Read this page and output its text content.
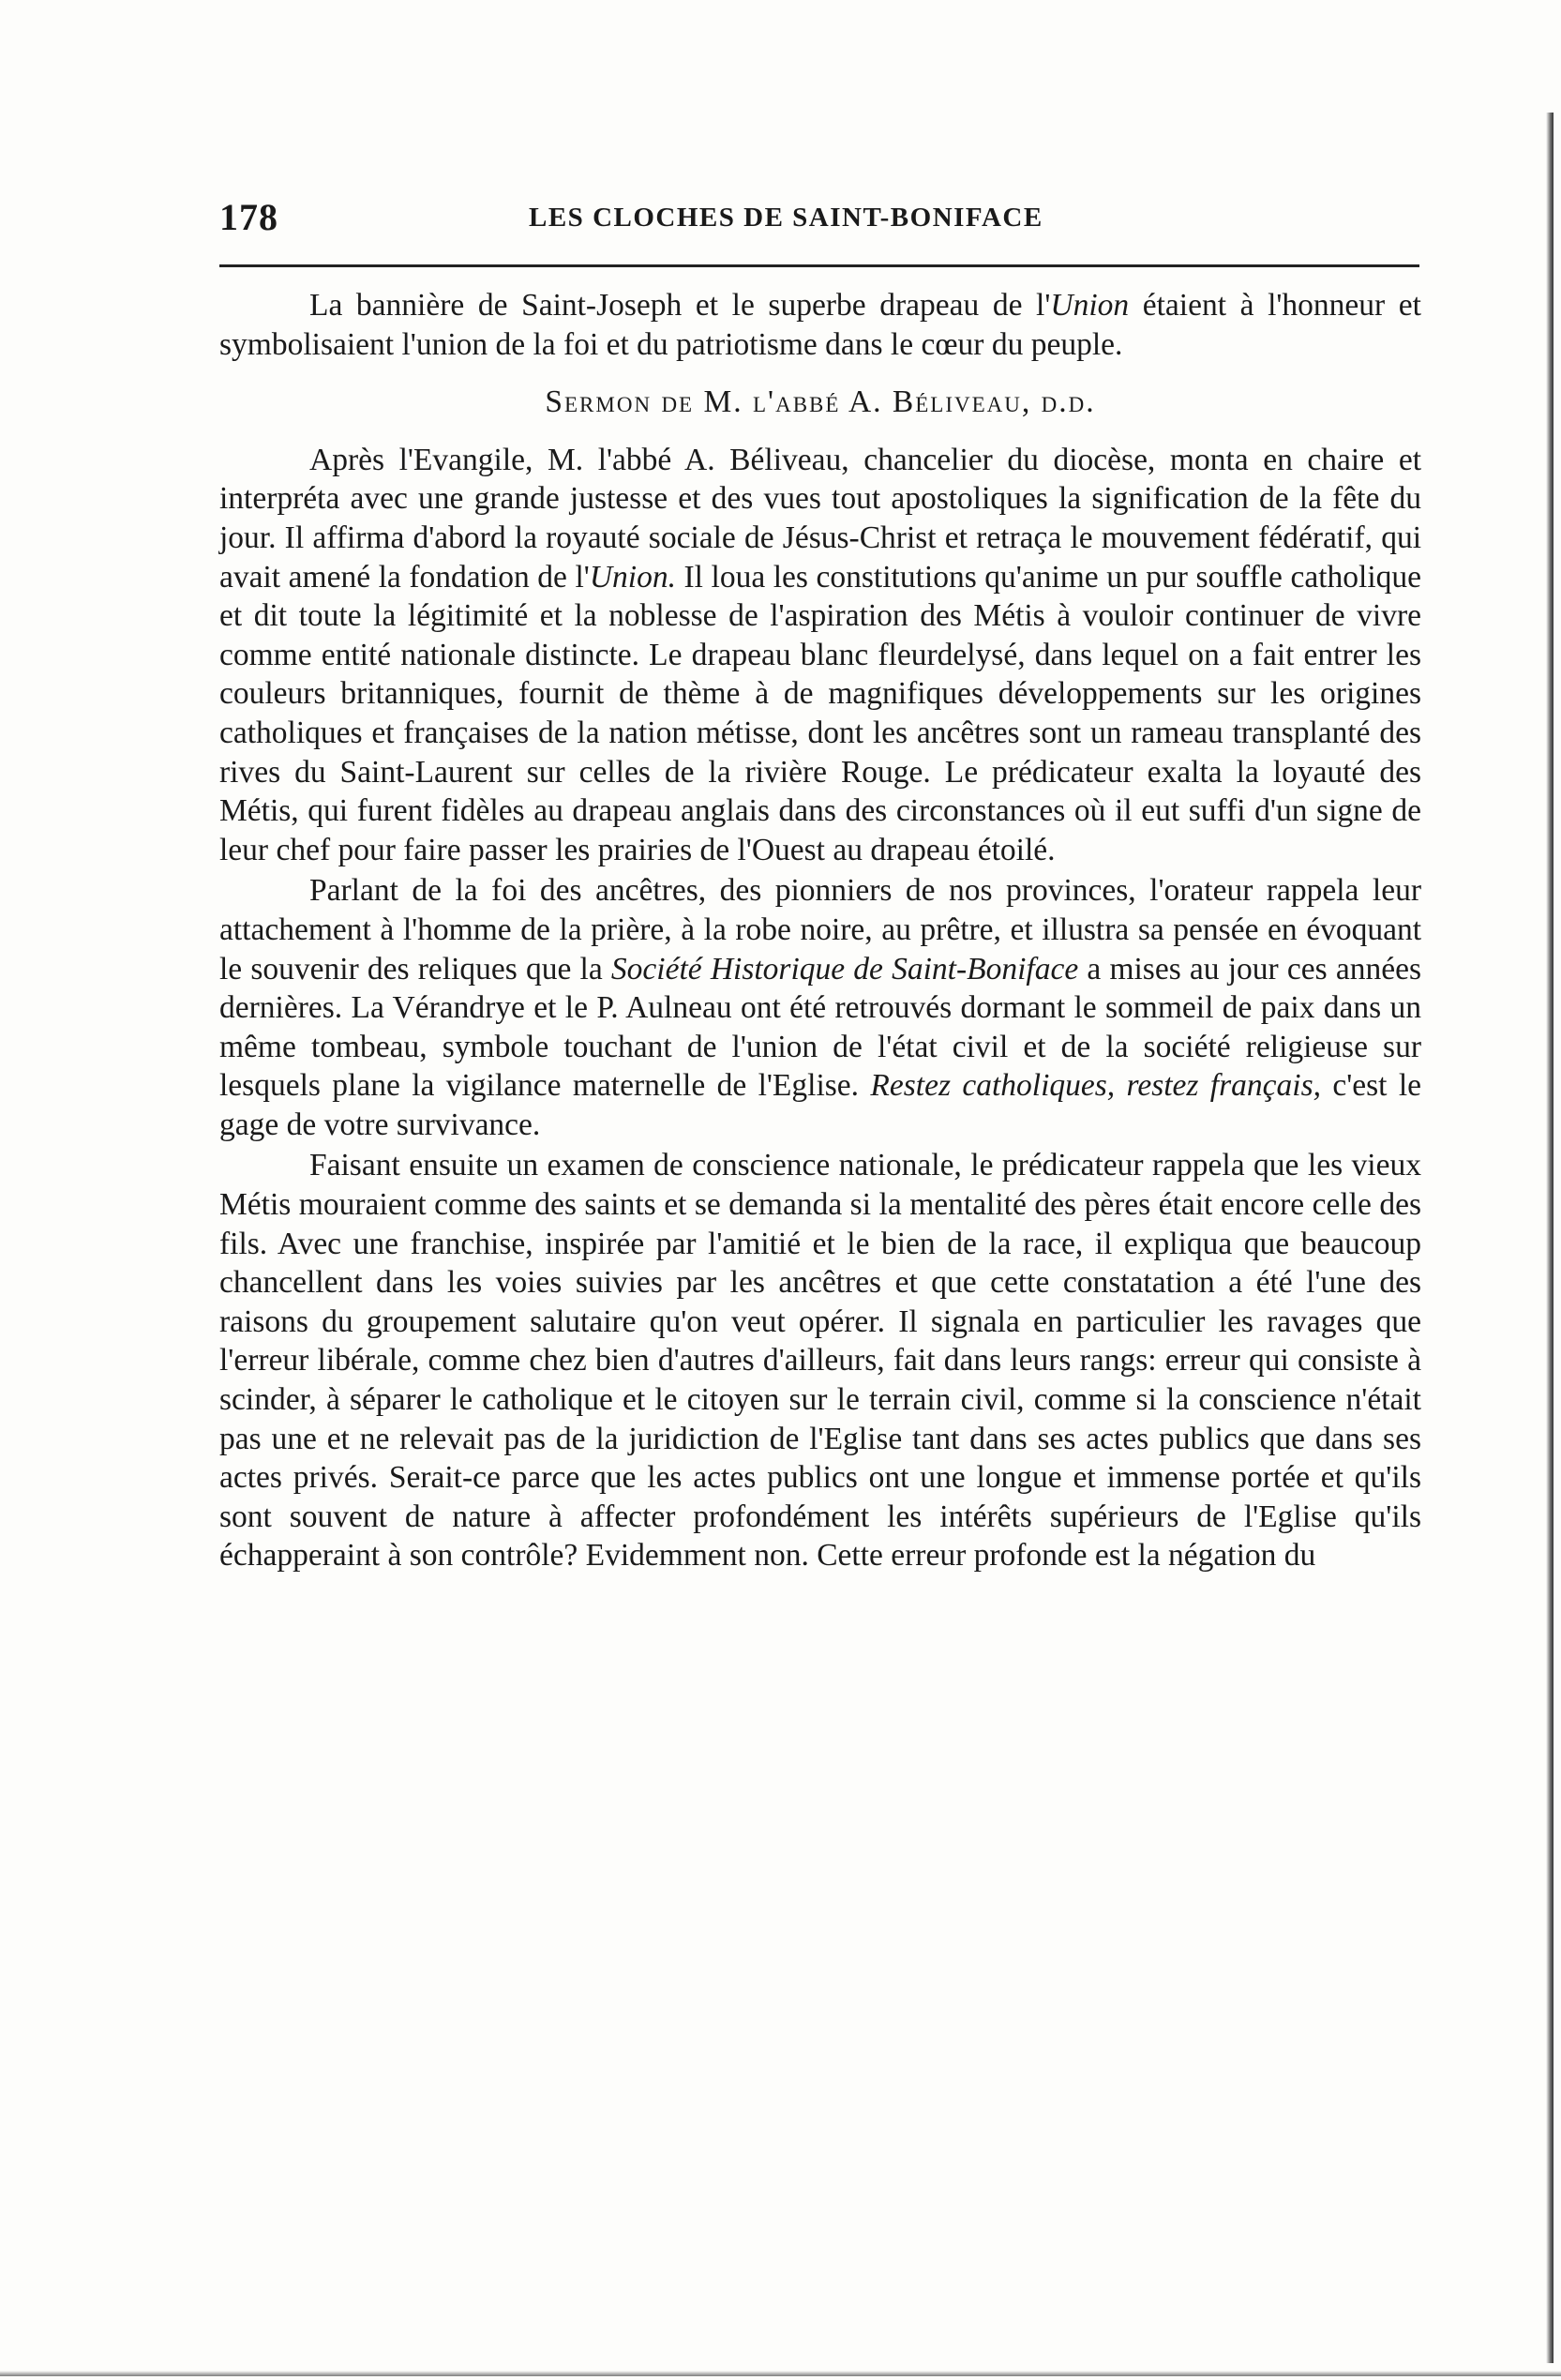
178	LES CLOCHES DE SAINT-BONIFACE

La bannière de Saint-Joseph et le superbe drapeau de l'Union étaient à l'honneur et symbolisaient l'union de la foi et du patriotisme dans le cœur du peuple.

Sermon de M. l'abbé A. Béliveau, d.d.

Après l'Evangile, M. l'abbé A. Béliveau, chancelier du diocèse, monta en chaire et interpréta avec une grande justesse et des vues tout apostoliques la signification de la fête du jour. Il affirma d'abord la royauté sociale de Jésus-Christ et retraça le mouvement fédératif, qui avait amené la fondation de l'Union. Il loua les constitutions qu'anime un pur souffle catholique et dit toute la légitimité et la noblesse de l'aspiration des Métis à vouloir continuer de vivre comme entité nationale distincte. Le drapeau blanc fleurdelysé, dans lequel on a fait entrer les couleurs britanniques, fournit de thème à de magnifiques développements sur les origines catholiques et françaises de la nation métisse, dont les ancêtres sont un rameau transplanté des rives du Saint-Laurent sur celles de la rivière Rouge. Le prédicateur exalta la loyauté des Métis, qui furent fidèles au drapeau anglais dans des circonstances où il eut suffi d'un signe de leur chef pour faire passer les prairies de l'Ouest au drapeau étoilé.

Parlant de la foi des ancêtres, des pionniers de nos provinces, l'orateur rappela leur attachement à l'homme de la prière, à la robe noire, au prêtre, et illustra sa pensée en évoquant le souvenir des reliques que la Société Historique de Saint-Boniface a mises au jour ces années dernières. La Vérandrye et le P. Aulneau ont été retrouvés dormant le sommeil de paix dans un même tombeau, symbole touchant de l'union de l'état civil et de la société religieuse sur lesquels plane la vigilance maternelle de l'Eglise. Restez catholiques, restez français, c'est le gage de votre survivance.

Faisant ensuite un examen de conscience nationale, le prédicateur rappela que les vieux Métis mouraient comme des saints et se demanda si la mentalité des pères était encore celle des fils. Avec une franchise, inspirée par l'amitié et le bien de la race, il expliqua que beaucoup chancellent dans les voies suivies par les ancêtres et que cette constatation a été l'une des raisons du groupement salutaire qu'on veut opérer. Il signala en particulier les ravages que l'erreur libérale, comme chez bien d'autres d'ailleurs, fait dans leurs rangs: erreur qui consiste à scinder, à séparer le catholique et le citoyen sur le terrain civil, comme si la conscience n'était pas une et ne relevait pas de la juridiction de l'Eglise tant dans ses actes publics que dans ses actes privés. Serait-ce parce que les actes publics ont une longue et immense portée et qu'ils sont souvent de nature à affecter profondément les intérêts supérieurs de l'Eglise qu'ils échapperaint à son contrôle? Evidemment non. Cette erreur profonde est la négation du
